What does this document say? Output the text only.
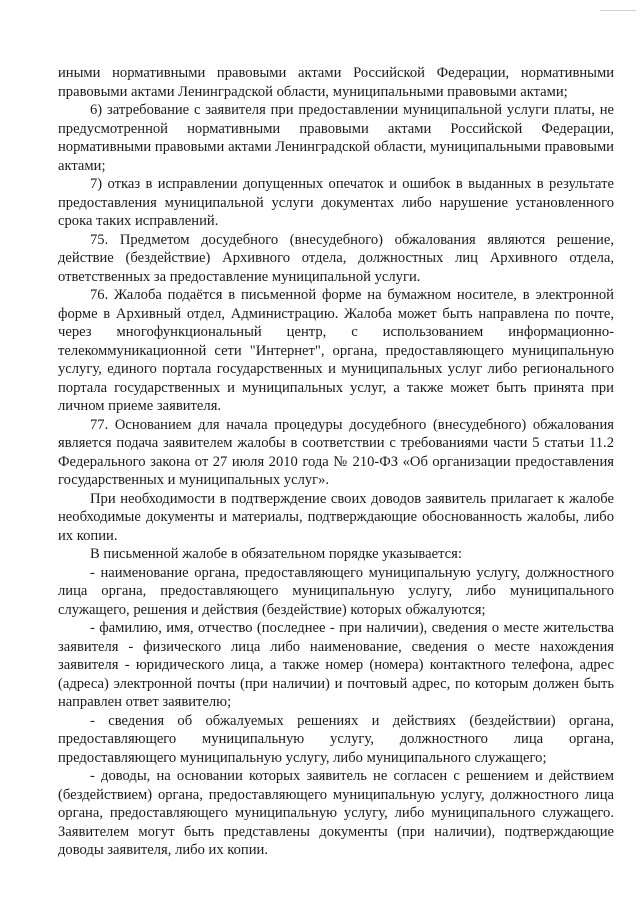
иными нормативными правовыми актами Российской Федерации, нормативными правовыми актами Ленинградской области, муниципальными правовыми актами;

6) затребование с заявителя при предоставлении муниципальной услуги платы, не предусмотренной нормативными правовыми актами Российской Федерации, нормативными правовыми актами Ленинградской области, муниципальными правовыми актами;

7) отказ в исправлении допущенных опечаток и ошибок в выданных в результате предоставления муниципальной услуги документах либо нарушение установленного срока таких исправлений.

75. Предметом досудебного (внесудебного) обжалования являются решение, действие (бездействие) Архивного отдела, должностных лиц Архивного отдела, ответственных за предоставление муниципальной услуги.

76. Жалоба подаётся в письменной форме на бумажном носителе, в электронной форме в Архивный отдел, Администрацию. Жалоба может быть направлена по почте, через многофункциональный центр, с использованием информационно-телекоммуникационной сети "Интернет", органа, предоставляющего муниципальную услугу, единого портала государственных и муниципальных услуг либо регионального портала государственных и муниципальных услуг, а также может быть принята при личном приеме заявителя.

77. Основанием для начала процедуры досудебного (внесудебного) обжалования является подача заявителем жалобы в соответствии с требованиями части 5 статьи 11.2 Федерального закона от 27 июля 2010 года № 210-ФЗ «Об организации предоставления государственных и муниципальных услуг».

При необходимости в подтверждение своих доводов заявитель прилагает к жалобе необходимые документы и материалы, подтверждающие обоснованность жалобы, либо их копии.

В письменной жалобе в обязательном порядке указывается:

- наименование органа, предоставляющего муниципальную услугу, должностного лица органа, предоставляющего муниципальную услугу, либо муниципального служащего, решения и действия (бездействие) которых обжалуются;

- фамилию, имя, отчество (последнее - при наличии), сведения о месте жительства заявителя - физического лица либо наименование, сведения о месте нахождения заявителя - юридического лица, а также номер (номера) контактного телефона, адрес (адреса) электронной почты (при наличии) и почтовый адрес, по которым должен быть направлен ответ заявителю;

- сведения об обжалуемых решениях и действиях (бездействии) органа, предоставляющего муниципальную услугу, должностного лица органа, предоставляющего муниципальную услугу, либо муниципального служащего;

- доводы, на основании которых заявитель не согласен с решением и действием (бездействием) органа, предоставляющего муниципальную услугу, должностного лица органа, предоставляющего муниципальную услугу, либо муниципального служащего. Заявителем могут быть представлены документы (при наличии), подтверждающие доводы заявителя, либо их копии.
